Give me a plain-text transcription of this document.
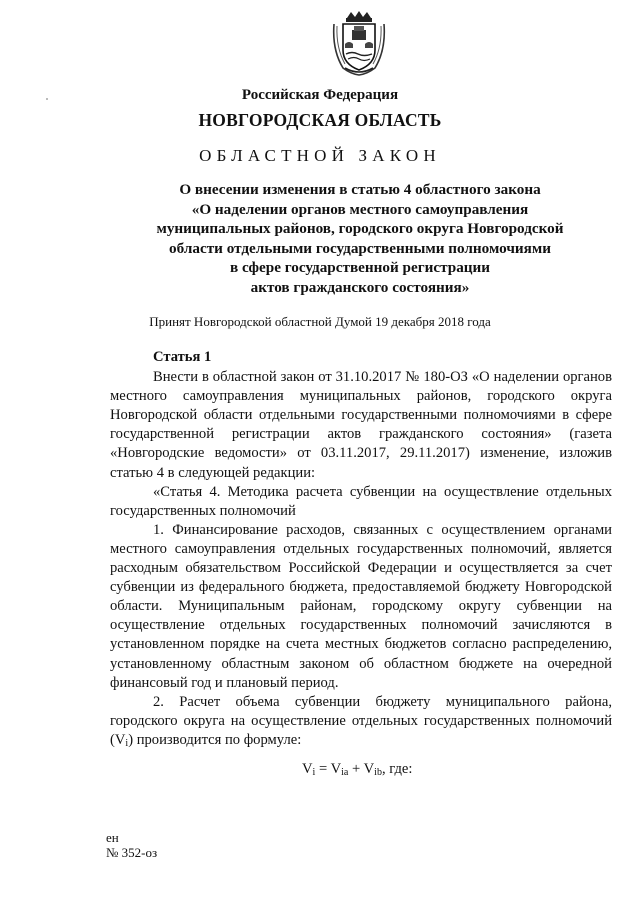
Российская Федерация
НОВГОРОДСКАЯ ОБЛАСТЬ
ОБЛАСТНОЙ ЗАКОН
О внесении изменения в статью 4 областного закона
«О наделении органов местного самоуправления
муниципальных районов, городского округа Новгородской
области отдельными государственными полномочиями
в сфере государственной регистрации
актов гражданского состояния»
Принят Новгородской областной Думой 19 декабря 2018 года

Статья 1

Внести в областной закон от 31.10.2017 № 180-ОЗ «О наделении органов местного самоуправления муниципальных районов, городского округа Новгородской области отдельными государственными полномочиями в сфере государственной регистрации актов гражданского состояния» (газета «Новгородские ведомости» от 03.11.2017, 29.11.2017) изменение, изложив статью 4 в следующей редакции:

«Статья 4. Методика расчета субвенции на осуществление отдельных государственных полномочий

1. Финансирование расходов, связанных с осуществлением органами местного самоуправления отдельных государственных полномочий, является расходным обязательством Российской Федерации и осуществляется за счет субвенции из федерального бюджета, предоставляемой бюджету Новгородской области. Муниципальным районам, городскому округу субвенции на осуществление отдельных государственных полномочий зачисляются в установленном порядке на счета местных бюджетов согласно распределению, установленному областным законом об областном бюджете на очередной финансовый год и плановый период.

2. Расчет объема субвенции бюджету муниципального района, городского округа на осуществление отдельных государственных полномочий $(V_i)$ производится по формуле:

$V_i = V_{ia} + V_{ib}$, где:

ен
№ 352-оз
